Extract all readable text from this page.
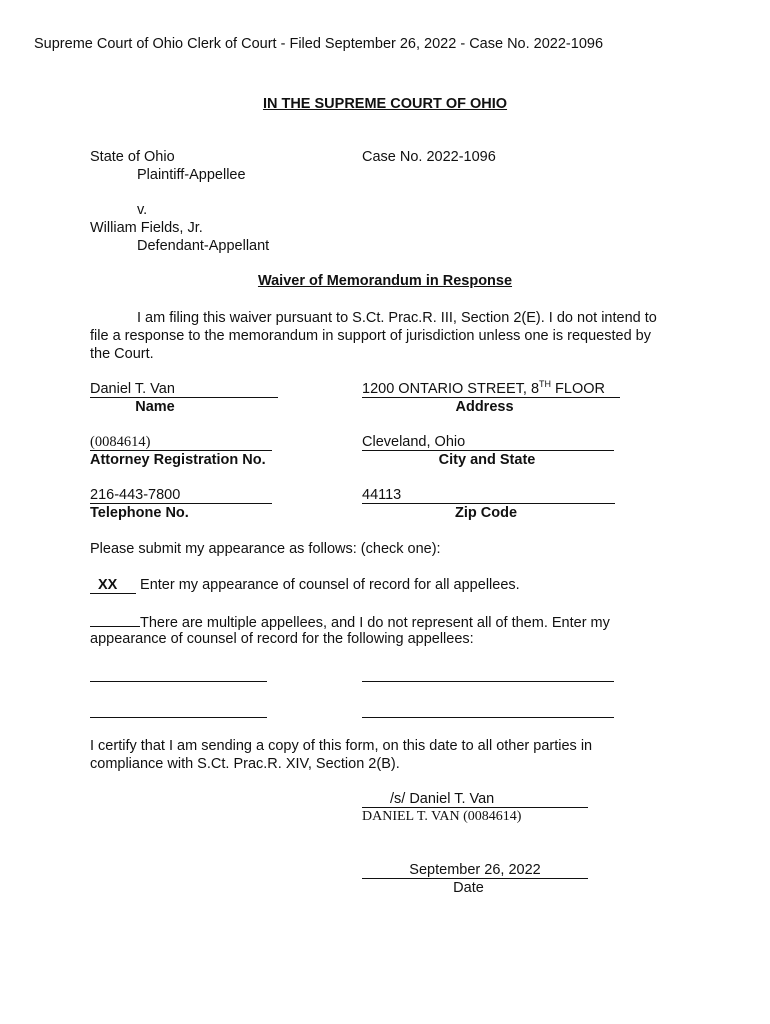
Supreme Court of Ohio Clerk of Court - Filed September 26, 2022 - Case No. 2022-1096
IN THE SUPREME COURT OF OHIO
State of Ohio
Plaintiff-Appellee
Case No. 2022-1096
v.
William Fields, Jr.
Defendant-Appellant
Waiver of Memorandum in Response

I am filing this waiver pursuant to S.Ct. Prac.R. III, Section 2(E). I do not intend to file a response to the memorandum in support of jurisdiction unless one is requested by the Court.

Daniel T. Van
Name
1200 ONTARIO STREET, 8TH FLOOR
Address
(0084614)
Attorney Registration No.
Cleveland, Ohio
City and State
216-443-7800
Telephone No.
44113
Zip Code
Please submit my appearance as follows: (check one):
XX Enter my appearance of counsel of record for all appellees.
There are multiple appellees, and I do not represent all of them. Enter my
appearance of counsel of record for the following appellees:

I certify that I am sending a copy of this form, on this date to all other parties in compliance with S.Ct. Prac.R. XIV, Section 2(B).

/s/ Daniel T. Van
DANIEL T. VAN (0084614)
September 26, 2022
Date
